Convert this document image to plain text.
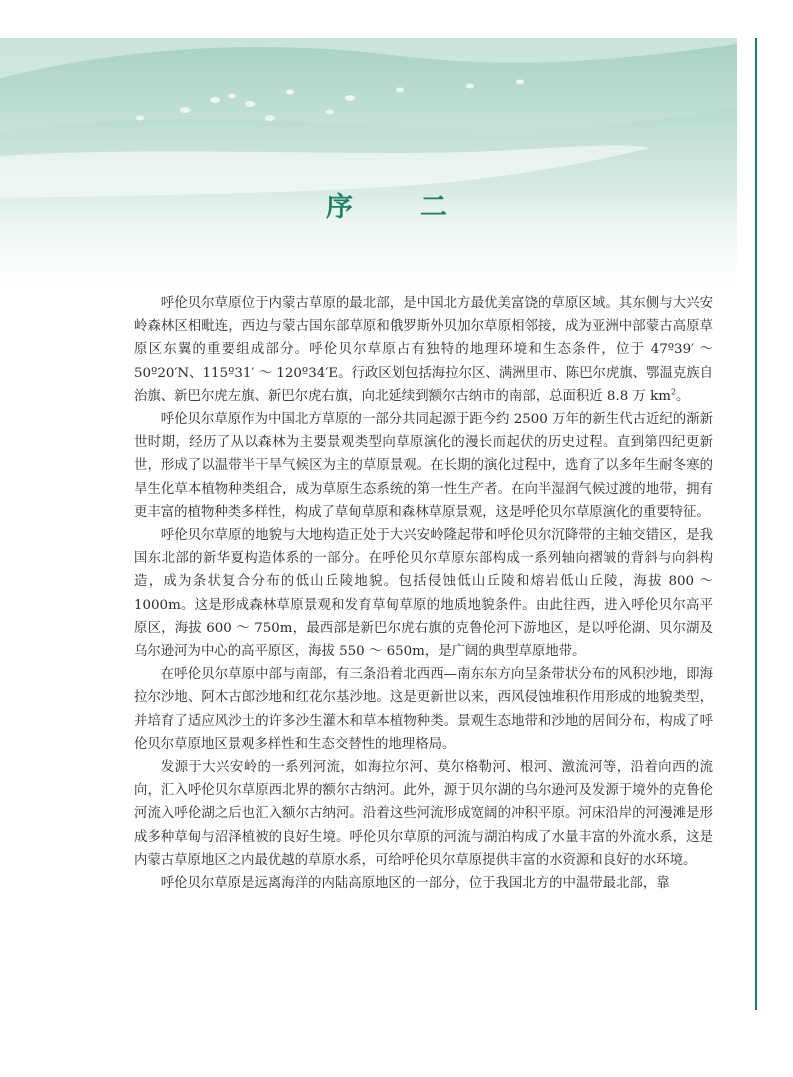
序　二

呼伦贝尔草原位于内蒙古草原的最北部，是中国北方最优美富饶的草原区域。其东侧与大兴安岭森林区相毗连，西边与蒙古国东部草原和俄罗斯外贝加尔草原相邻接，成为亚洲中部蒙古高原草原区东翼的重要组成部分。呼伦贝尔草原占有独特的地理环境和生态条件，位于 47º39′ ～ 50º20′N、115º31′ ～ 120º34′E。行政区划包括海拉尔区、满洲里市、陈巴尔虎旗、鄂温克族自治旗、新巴尔虎左旗、新巴尔虎右旗，向北延续到额尔古纳市的南部，总面积近 8.8 万 $km^2$。

呼伦贝尔草原作为中国北方草原的一部分共同起源于距今约 2500 万年的新生代古近纪的渐新世时期，经历了从以森林为主要景观类型向草原演化的漫长而起伏的历史过程。直到第四纪更新世，形成了以温带半干旱气候区为主的草原景观。在长期的演化过程中，选育了以多年生耐冬寒的旱生化草本植物种类组合，成为草原生态系统的第一性生产者。在向半湿润气候过渡的地带，拥有更丰富的植物种类多样性，构成了草甸草原和森林草原景观，这是呼伦贝尔草原演化的重要特征。

呼伦贝尔草原的地貌与大地构造正处于大兴安岭隆起带和呼伦贝尔沉降带的主轴交错区，是我国东北部的新华夏构造体系的一部分。在呼伦贝尔草原东部构成一系列轴向褶皱的背斜与向斜构造，成为条状复合分布的低山丘陵地貌。包括侵蚀低山丘陵和熔岩低山丘陵，海拔 800 ～ 1000m。这是形成森林草原景观和发育草甸草原的地质地貌条件。由此往西，进入呼伦贝尔高平原区，海拔 600 ～ 750m，最西部是新巴尔虎右旗的克鲁伦河下游地区，是以呼伦湖、贝尔湖及乌尔逊河为中心的高平原区，海拔 550 ～ 650m，是广阔的典型草原地带。

在呼伦贝尔草原中部与南部，有三条沿着北西西—南东东方向呈条带状分布的风积沙地，即海拉尔沙地、阿木古郎沙地和红花尔基沙地。这是更新世以来，西风侵蚀堆积作用形成的地貌类型，并培育了适应风沙土的许多沙生灌木和草本植物种类。景观生态地带和沙地的居间分布，构成了呼伦贝尔草原地区景观多样性和生态交替性的地理格局。

发源于大兴安岭的一系列河流，如海拉尔河、莫尔格勒河、根河、激流河等，沿着向西的流向，汇入呼伦贝尔草原西北界的额尔古纳河。此外，源于贝尔湖的乌尔逊河及发源于境外的克鲁伦河流入呼伦湖之后也汇入额尔古纳河。沿着这些河流形成宽阔的冲积平原。河床沿岸的河漫滩是形成多种草甸与沼泽植被的良好生境。呼伦贝尔草原的河流与湖泊构成了水量丰富的外流水系，这是内蒙古草原地区之内最优越的草原水系，可给呼伦贝尔草原提供丰富的水资源和良好的水环境。

呼伦贝尔草原是远离海洋的内陆高原地区的一部分，位于我国北方的中温带最北部，靠
